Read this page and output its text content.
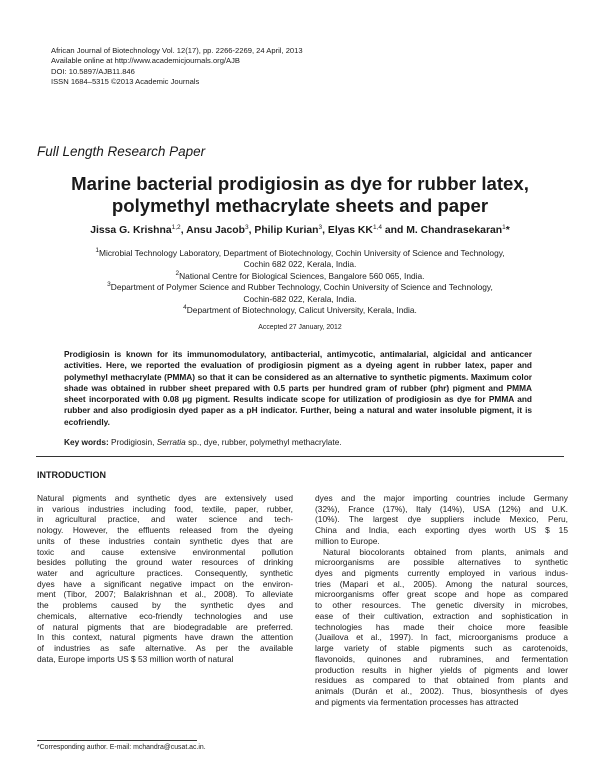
African Journal of Biotechnology Vol. 12(17), pp. 2266-2269, 24 April, 2013
Available online at http://www.academicjournals.org/AJB
DOI: 10.5897/AJB11.846
ISSN 1684–5315 ©2013 Academic Journals
Full Length Research Paper
Marine bacterial prodigiosin as dye for rubber latex,
polymethyl methacrylate sheets and paper
Jissa G. Krishna$^{1,2}$, Ansu Jacob$^3$, Philip Kurian$^3$, Elyas KK$^{1,4}$ and M. Chandrasekaran$^1$*
$^1$Microbial Technology Laboratory, Department of Biotechnology, Cochin University of Science and Technology,
Cochin 682 022, Kerala, India.
$^2$National Centre for Biological Sciences, Bangalore 560 065, India.
$^3$Department of Polymer Science and Rubber Technology, Cochin University of Science and Technology,
Cochin-682 022, Kerala, India.
$^4$Department of Biotechnology, Calicut University, Kerala, India.
Accepted 27 January, 2012
Prodigiosin is known for its immunomodulatory, antibacterial, antimycotic, antimalarial, algicidal and anticancer activities. Here, we reported the evaluation of prodigiosin pigment as a dyeing agent in rubber latex, paper and polymethyl methacrylate (PMMA) so that it can be considered as an alternative to synthetic pigments. Maximum color shade was obtained in rubber sheet prepared with 0.5 parts per hundred gram of rubber (phr) pigment and PMMA sheet incorporated with 0.08 µg pigment. Results indicate scope for utilization of prodigiosin as dye for PMMA and rubber and also prodigiosin dyed paper as a pH indicator. Further, being a natural and water insoluble pigment, it is ecofriendly.
Key words: Prodigiosin, Serratia sp., dye, rubber, polymethyl methacrylate.
INTRODUCTION
Natural pigments and synthetic dyes are extensively used
in various industries including food, textile, paper, rubber,
in agricultural practice, and water science and tech-
nology. However, the effluents released from the dyeing
units of these industries contain synthetic dyes that are
toxic and cause extensive environmental pollution
besides polluting the ground water resources of drinking
water and agriculture practices. Consequently, synthetic
dyes have a significant negative impact on the environ-
ment (Tibor, 2007; Balakrishnan et al., 2008). To alleviate
the problems caused by the synthetic dyes and
chemicals, alternative eco-friendly technologies and use
of natural pigments that are biodegradable are preferred.
In this context, natural pigments have drawn the attention
of industries as safe alternative. As per the available
data, Europe imports US $ 53 million worth of natural
dyes and the major importing countries include Germany
(32%), France (17%), Italy (14%), USA (12%) and U.K.
(10%). The largest dye suppliers include Mexico, Peru,
China and India, each exporting dyes worth US $ 15
million to Europe.
Natural biocolorants obtained from plants, animals and
microorganisms are possible alternatives to synthetic
dyes and pigments currently employed in various indus-
tries (Mapari et al., 2005). Among the natural sources,
microorganisms offer great scope and hope as compared
to other resources. The genetic diversity in microbes,
ease of their cultivation, extraction and sophistication in
technologies has made their choice more feasible
(Juailova et al., 1997). In fact, microorganisms produce a
large variety of stable pigments such as carotenoids,
flavonoids, quinones and rubramines, and fermentation
production results in higher yields of pigments and lower
residues as compared to that obtained from plants and
animals (Durán et al., 2002). Thus, biosynthesis of dyes
and pigments via fermentation processes has attracted
*Corresponding author. E-mail: mchandra@cusat.ac.in.
